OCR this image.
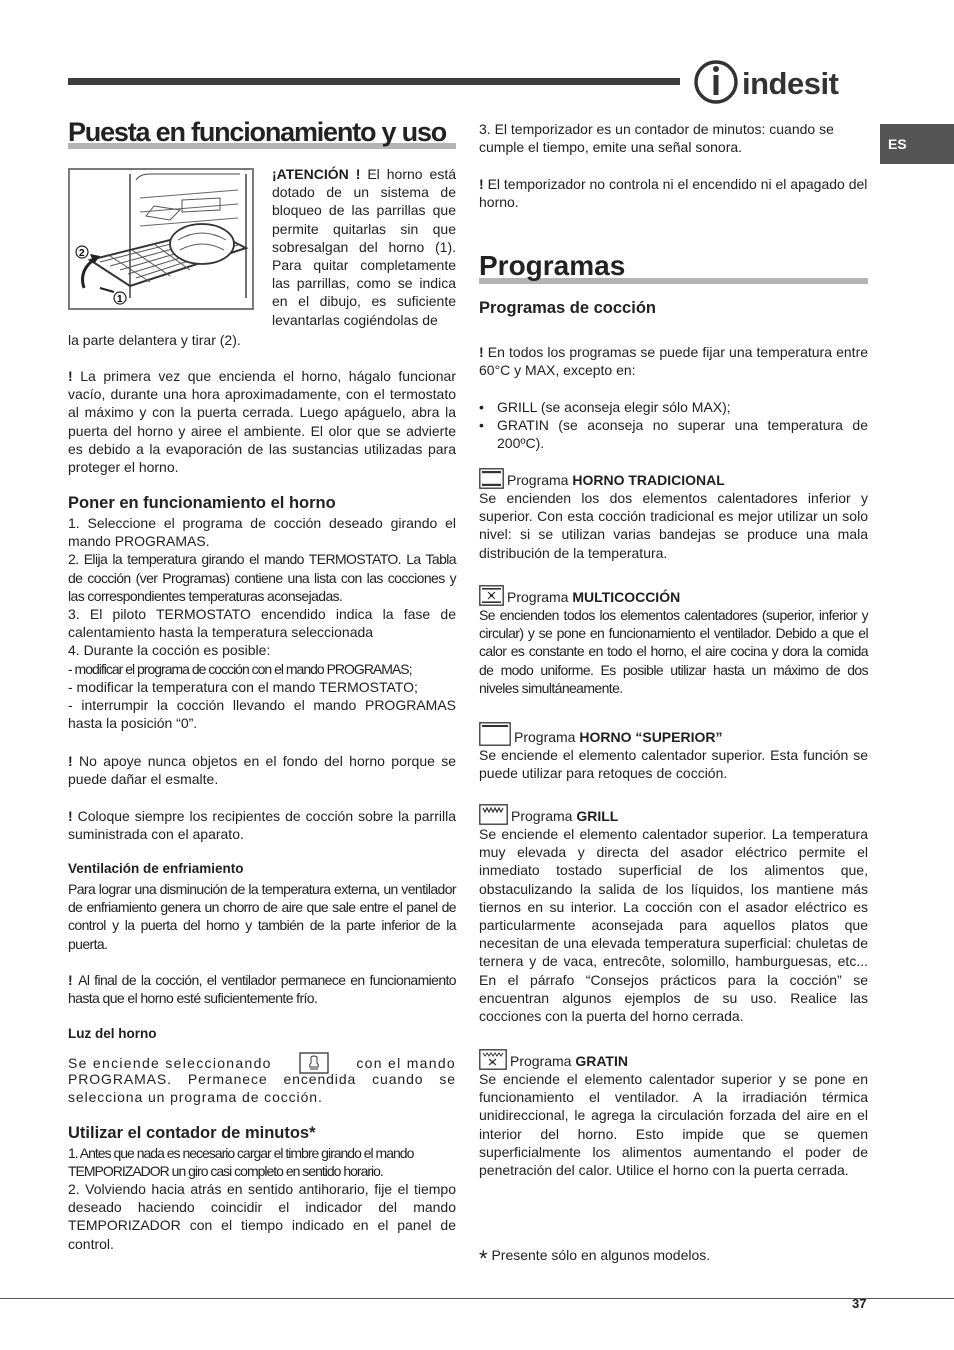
indesit
ES
Puesta en funcionamiento y uso
2
1
¡ATENCIÓN ! El horno está dotado de un sistema de bloqueo de las parrillas que permite quitarlas sin que sobresalgan del horno (1). Para quitar completamente las parrillas, como se indica en el dibujo, es suficiente levantarlas cogiéndolas de
la parte delantera y tirar (2).
! La primera vez que encienda el horno, hágalo funcionar vacío, durante una hora aproximadamente, con el termostato al máximo y con la puerta cerrada. Luego apáguelo, abra la puerta del horno y airee el ambiente. El olor que se advierte es debido a la evaporación de las sustancias utilizadas para proteger el horno.
Poner en funcionamiento el horno

1. Seleccione el programa de cocción deseado girando el mando PROGRAMAS.

2. Elija la temperatura girando el mando TERMOSTATO. La Tabla de cocción (ver Programas) contiene una lista con las cocciones y las correspondientes temperaturas aconsejadas.

3. El piloto TERMOSTATO encendido indica la fase de calentamiento hasta la temperatura seleccionada

4. Durante la cocción es posible:

- modificar el programa de cocción con el mando PROGRAMAS;

- modificar la temperatura con el mando TERMOSTATO;

- interrumpir la cocción llevando el mando PROGRAMAS hasta la posición “0”.

! No apoye nunca objetos en el fondo del horno porque se puede dañar el esmalte.
! Coloque siempre los recipientes de cocción sobre la parrilla suministrada con el aparato.
Ventilación de enfriamiento
Para lograr una disminución de la temperatura externa, un ventilador de enfriamiento genera un chorro de aire que sale entre el panel de control y la puerta del horno y también de la parte inferior de la puerta.
! Al final de la cocción, el ventilador permanece en funcionamiento hasta que el horno esté suficientemente frío.
Luz del horno
Se enciende seleccionando	con el mando
PROGRAMAS. Permanece encendida cuando se selecciona un programa de cocción.
Utilizar el contador de minutos*
1. Antes que nada es necesario cargar el timbre girando el mando TEMPORIZADOR un giro casi completo en sentido horario.
2. Volviendo hacia atrás en sentido antihorario, fije el tiempo deseado haciendo coincidir el indicador del mando TEMPORIZADOR con el tiempo indicado en el panel de control.
3. El temporizador es un contador de minutos: cuando se cumple el tiempo, emite una señal sonora.
! El temporizador no controla ni el encendido ni el apagado del horno.
Programas
Programas de cocción
! En todos los programas se puede fijar una temperatura entre 60°C y MAX, excepto en:
• GRILL (se aconseja elegir sólo MAX);
• GRATIN (se aconseja no superar una temperatura de 200ºC).
Programa HORNO TRADICIONAL

Se encienden los dos elementos calentadores inferior y superior. Con esta cocción tradicional es mejor utilizar un solo nivel: si se utilizan varias bandejas se produce una mala distribución de la temperatura.

Programa MULTICOCCIÓN

Se encienden todos los elementos calentadores (superior, inferior y circular) y se pone en funcionamiento el ventilador. Debido a que el calor es constante en todo el horno, el aire cocina y dora la comida de modo uniforme. Es posible utilizar hasta un máximo de dos niveles simultáneamente.

Programa HORNO “SUPERIOR”

Se enciende el elemento calentador superior. Esta función se puede utilizar para retoques de cocción.

Programa GRILL

Se enciende el elemento calentador superior. La temperatura muy elevada y directa del asador eléctrico permite el inmediato tostado superficial de los alimentos que, obstaculizando la salida de los líquidos, los mantiene más tiernos en su interior. La cocción con el asador eléctrico es particularmente aconsejada para aquellos platos que necesitan de una elevada temperatura superficial: chuletas de ternera y de vaca, entrecôte, solomillo, hamburguesas, etc... En el párrafo “Consejos prácticos para la cocción” se encuentran algunos ejemplos de su uso. Realice las cocciones con la puerta del horno cerrada.

Programa GRATIN

Se enciende el elemento calentador superior y se pone en funcionamiento el ventilador. A la irradiación térmica unidireccional, le agrega la circulación forzada del aire en el interior del horno. Esto impide que se quemen superficialmente los alimentos aumentando el poder de penetración del calor. Utilice el horno con la puerta cerrada.

* Presente sólo en algunos modelos.
37
